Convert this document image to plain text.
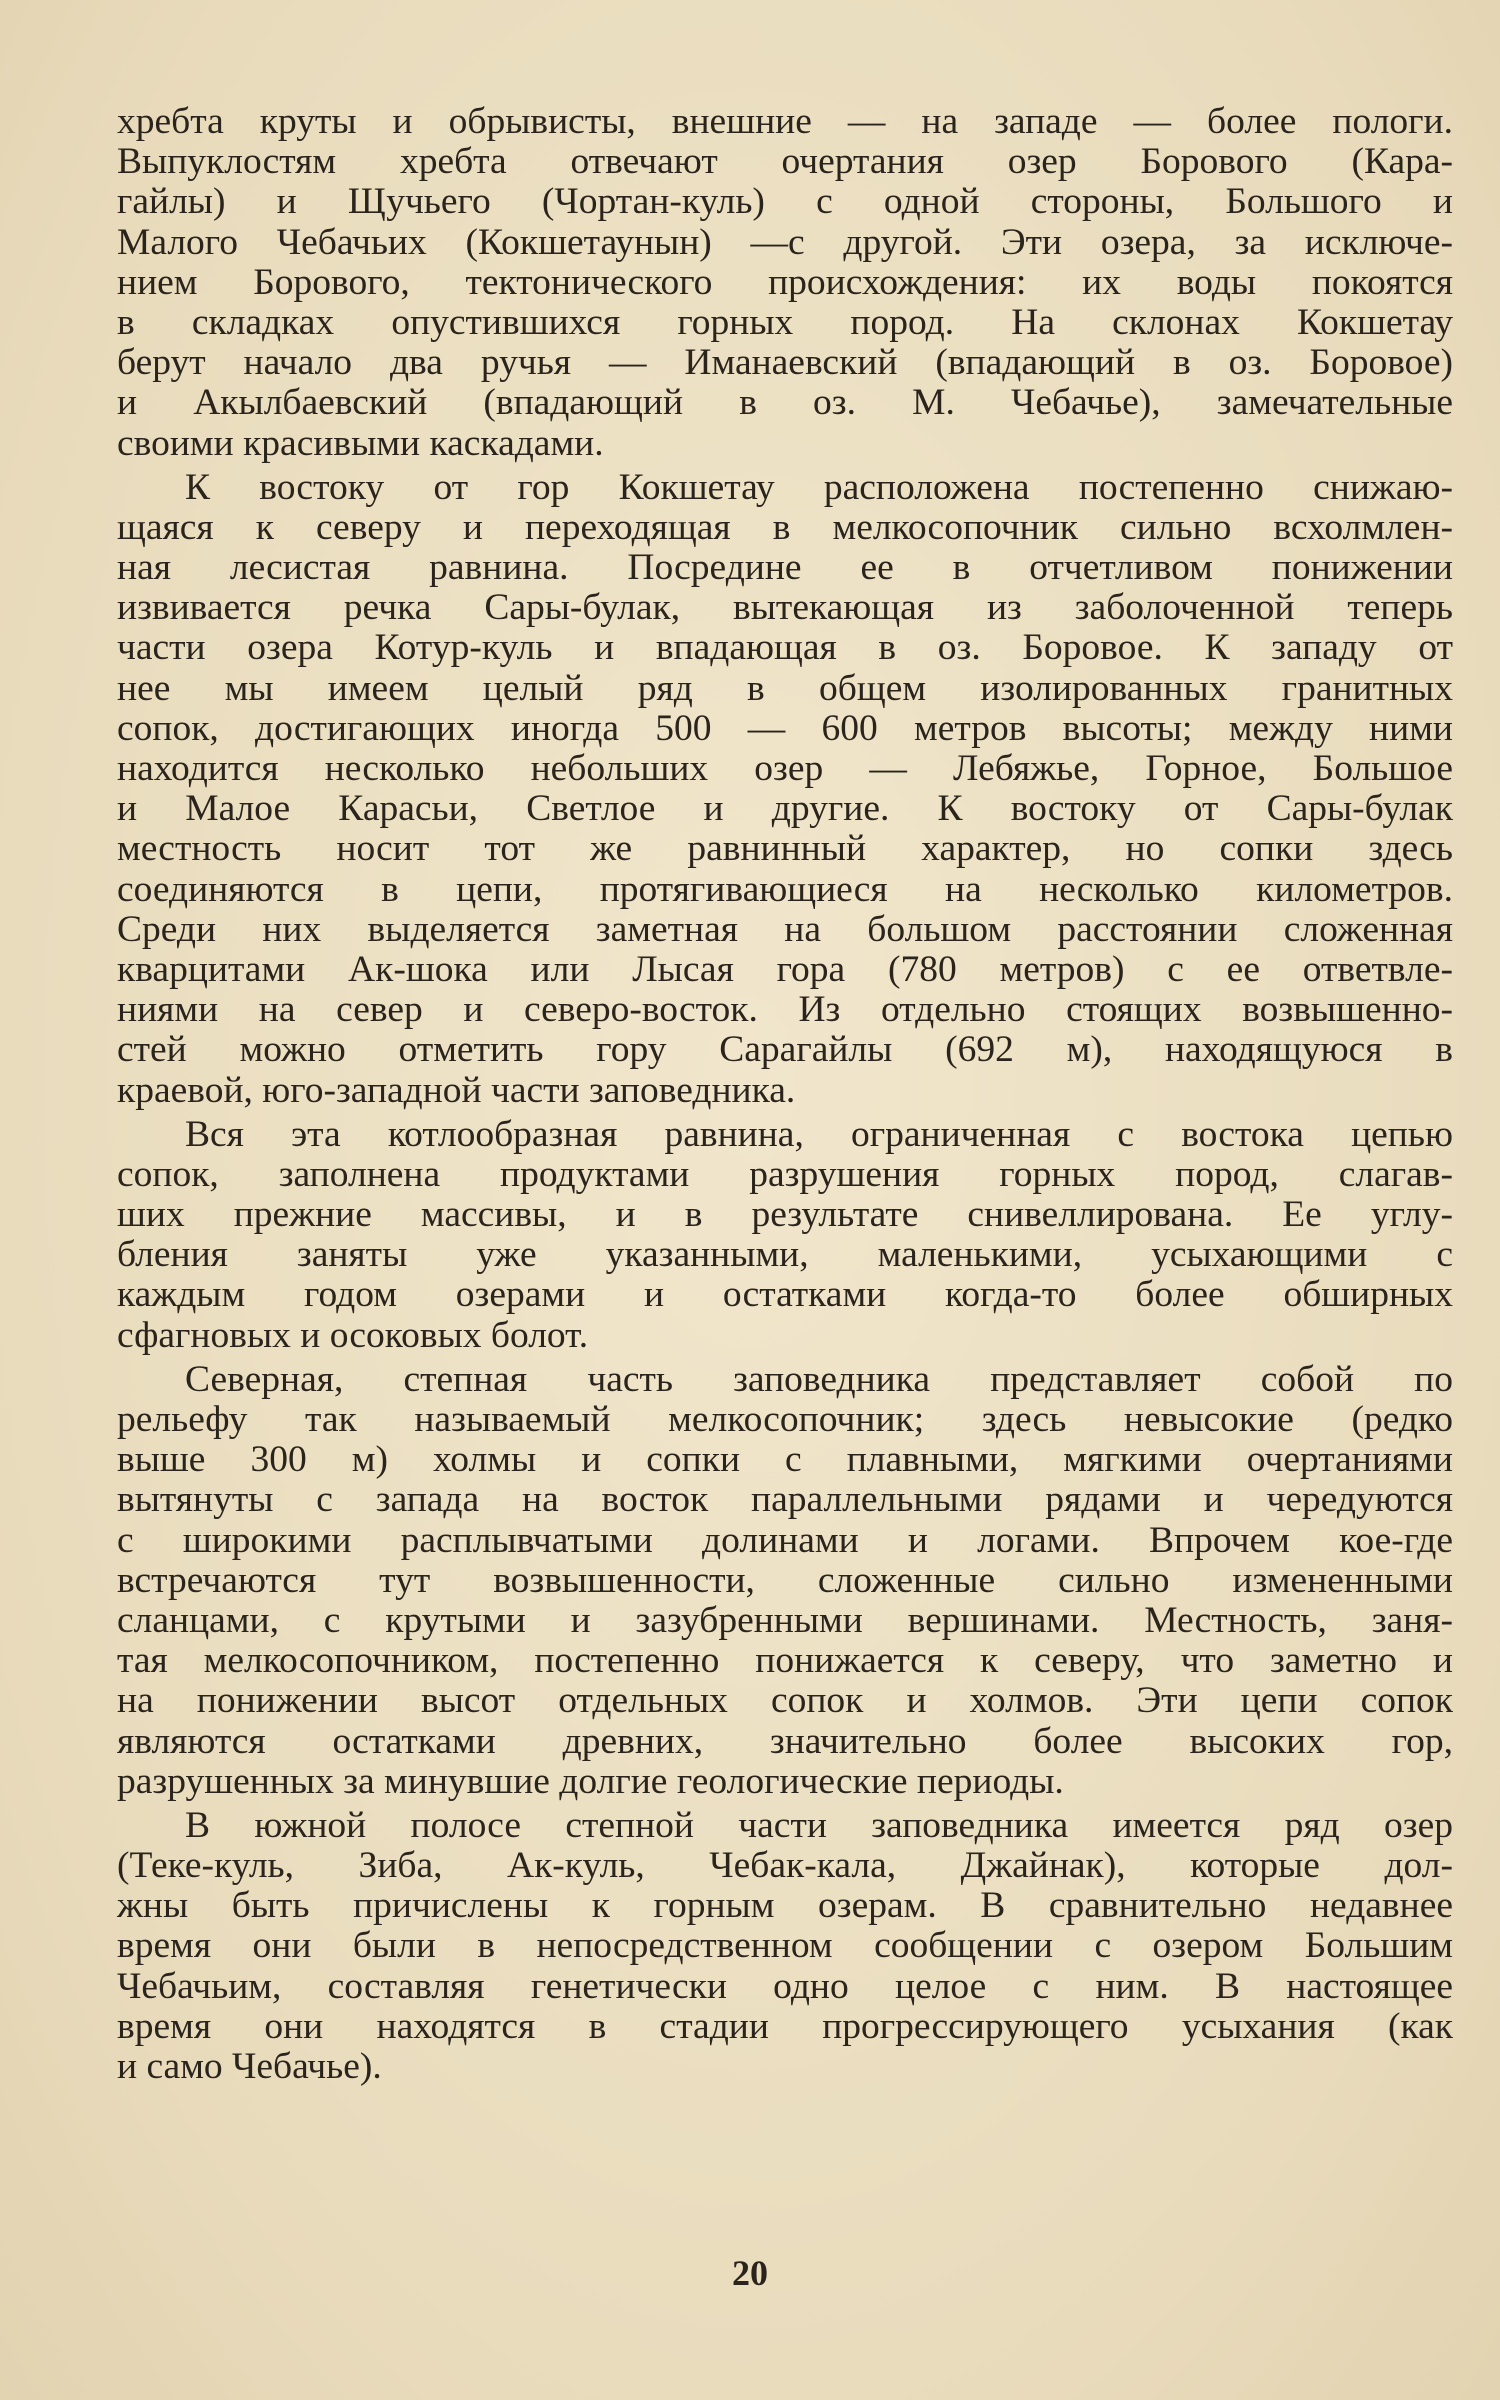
хребта круты и обрывисты, внешние — на западе — более пологи.
Выпуклостям хребта отвечают очертания озер Борового (Кара-
гайлы) и Щучьего (Чортан-куль) с одной стороны, Большого и
Малого Чебачьих (Кокшетаунын) —с другой. Эти озера, за исключе-
нием Борового, тектонического происхождения: их воды покоятся
в складках опустившихся горных пород. На склонах Кокшетау
берут начало два ручья — Иманаевский (впадающий в оз. Боровое)
и Акылбаевский (впадающий в оз. М. Чебачье), замечательные
своими красивыми каскадами.
К востоку от гор Кокшетау расположена постепенно снижаю-
щаяся к северу и переходящая в мелкосопочник сильно всхолмлен-
ная лесистая равнина. Посредине ее в отчетливом понижении
извивается речка Сары-булак, вытекающая из заболоченной теперь
части озера Котур-куль и впадающая в оз. Боровое. К западу от
нее мы имеем целый ряд в общем изолированных гранитных
сопок, достигающих иногда 500 — 600 метров высоты; между ними
находится несколько небольших озер — Лебяжье, Горное, Большое
и Малое Карасьи, Светлое и другие. К востоку от Сары-булак
местность носит тот же равнинный характер, но сопки здесь
соединяются в цепи, протягивающиеся на несколько километров.
Среди них выделяется заметная на большом расстоянии сложенная
кварцитами Ак-шока или Лысая гора (780 метров) с ее ответвле-
ниями на север и северо-восток. Из отдельно стоящих возвышенно-
стей можно отметить гору Сарагайлы (692 м), находящуюся в
краевой, юго-западной части заповедника.
Вся эта котлообразная равнина, ограниченная с востока цепью
сопок, заполнена продуктами разрушения горных пород, слагав-
ших прежние массивы, и в результате снивеллирована. Ее углу-
бления заняты уже указанными, маленькими, усыхающими с
каждым годом озерами и остатками когда-то более обширных
сфагновых и осоковых болот.
Северная, степная часть заповедника представляет собой по
рельефу так называемый мелкосопочник; здесь невысокие (редко
выше 300 м) холмы и сопки с плавными, мягкими очертаниями
вытянуты с запада на восток параллельными рядами и чередуются
с широкими расплывчатыми долинами и логами. Впрочем кое-где
встречаются тут возвышенности, сложенные сильно измененными
сланцами, с крутыми и зазубренными вершинами. Местность, заня-
тая мелкосопочником, постепенно понижается к северу, что заметно и
на понижении высот отдельных сопок и холмов. Эти цепи сопок
являются остатками древних, значительно более высоких гор,
разрушенных за минувшие долгие геологические периоды.
В южной полосе степной части заповедника имеется ряд озер
(Теке-куль, Зиба, Ак-куль, Чебак-кала, Джайнак), которые дол-
жны быть причислены к горным озерам. В сравнительно недавнее
время они были в непосредственном сообщении с озером Большим
Чебачьим, составляя генетически одно целое с ним. В настоящее
время они находятся в стадии прогрессирующего усыхания (как
и само Чебачье).
20
